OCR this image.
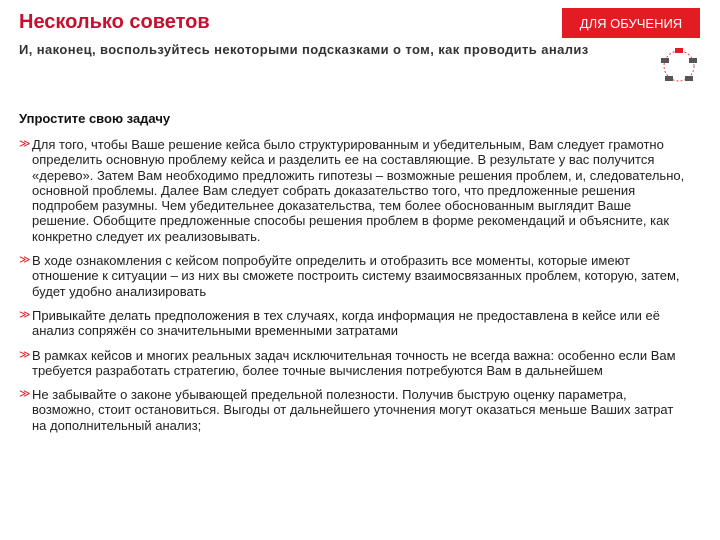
Несколько советов	ДЛЯ ОБУЧЕНИЯ
И, наконец, воспользуйтесь некоторыми подсказками о том, как проводить анализ
Упростите свою задачу
≫ Для того, чтобы Ваше решение кейса было структурированным и убедительным, Вам следует грамотно определить основную проблему кейса и разделить ее на составляющие. В результате у вас получится «дерево». Затем Вам необходимо предложить гипотезы – возможные решения проблем, и, следовательно, основной проблемы. Далее Вам следует собрать доказательство того, что предложенные решения подпробем разумны. Чем убедительнее доказательства, тем более обоснованным выглядит Ваше решение. Обобщите предложенные способы решения проблем в форме рекомендаций и объясните, как конкретно следует их реализовывать.
≫ В ходе ознакомления с кейсом попробуйте определить и отобразить все моменты, которые имеют отношение к ситуации – из них вы сможете построить систему взаимосвязанных проблем, которую, затем, будет удобно анализировать
≫ Привыкайте делать предположения в тех случаях, когда информация не предоставлена в кейсе или её анализ сопряжён со значительными временными затратами
≫ В рамках кейсов и многих реальных задач исключительная точность не всегда важна: особенно если Вам требуется разработать стратегию, более точные вычисления потребуются Вам в дальнейшем
≫ Не забывайте о законе убывающей предельной полезности. Получив быструю оценку параметра, возможно, стоит остановиться. Выгоды от дальнейшего уточнения могут оказаться меньше Ваших затрат на дополнительный анализ;
